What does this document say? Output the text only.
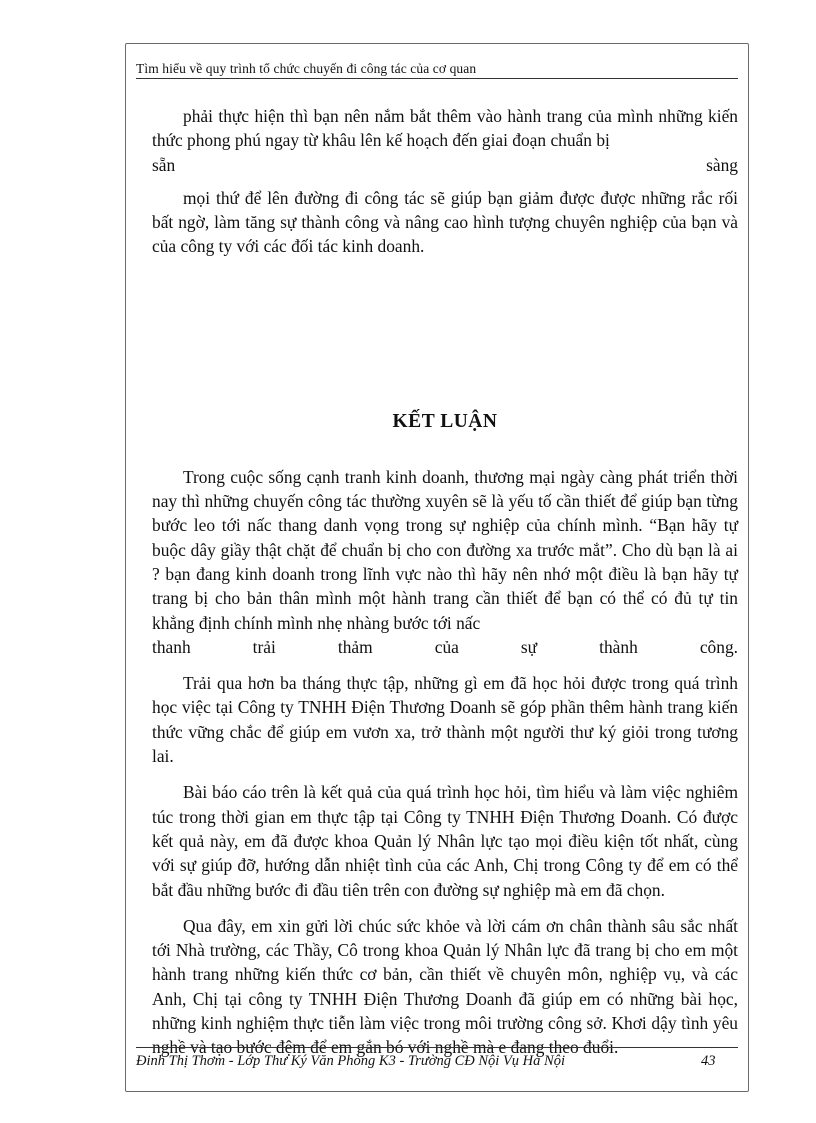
Tìm hiểu về quy trình tổ chức chuyến đi công tác của cơ quan

phải thực hiện thì bạn nên nắm bắt thêm vào hành trang của mình những kiến thức phong phú ngay từ khâu lên kế hoạch đến giai đoạn chuẩn bị

sẵn sàng

mọi thứ để lên đường đi công tác sẽ giúp bạn giảm được được những rắc rối bất ngờ, làm tăng sự thành công và nâng cao hình tượng chuyên nghiệp của bạn và của công ty với các đối tác kinh doanh.

KẾT LUẬN

Trong cuộc sống cạnh tranh kinh doanh, thương mại ngày càng phát triển thời nay thì những chuyến công tác thường xuyên sẽ là yếu tố cần thiết để giúp bạn từng bước leo tới nấc thang danh vọng trong sự nghiệp của chính mình. “Bạn hãy tự buộc dây giầy thật chặt để chuẩn bị cho con đường xa trước mắt”. Cho dù bạn là ai ? bạn đang kinh doanh trong lĩnh vực nào thì hãy nên nhớ một điều là bạn hãy tự trang bị cho bản thân mình một hành trang cần thiết để bạn có thể có đủ tự tin khẳng định chính mình nhẹ nhàng bước tới nấc

thanh trải thảm của sự thành công.

Trải qua hơn ba tháng thực tập, những gì em đã học hỏi được trong quá trình học việc tại Công ty TNHH Điện Thương Doanh sẽ góp phần thêm hành trang kiến thức vững chắc để giúp em vươn xa, trở thành một người thư ký giỏi trong tương lai.

Bài báo cáo trên là kết quả của quá trình học hỏi, tìm hiểu và làm việc nghiêm túc trong thời gian em thực tập tại Công ty TNHH Điện Thương Doanh. Có được kết quả này, em đã được khoa Quản lý Nhân lực tạo mọi điều kiện tốt nhất, cùng với sự giúp đỡ, hướng dẫn nhiệt tình của các Anh, Chị trong Công ty để em có thể bắt đầu những bước đi đầu tiên trên con đường sự nghiệp mà em đã chọn.

Qua đây, em xin gửi lời chúc sức khỏe và lời cám ơn chân thành sâu sắc nhất tới Nhà trường, các Thầy, Cô trong khoa Quản lý Nhân lực đã trang bị cho em một hành trang những kiến thức cơ bản, cần thiết về chuyên môn, nghiệp vụ, và các Anh, Chị tại công ty TNHH Điện Thương Doanh đã giúp em có những bài học, những kinh nghiệm thực tiễn làm việc trong môi trường công sở. Khơi dậy tình yêu nghề và tạo bước đệm để em gắn bó với nghề mà e đang theo đuổi.

Đinh Thị Thơm - Lớp Thư Ký Văn Phòng K3 - Trường CĐ Nội Vụ Hà Nội	43
